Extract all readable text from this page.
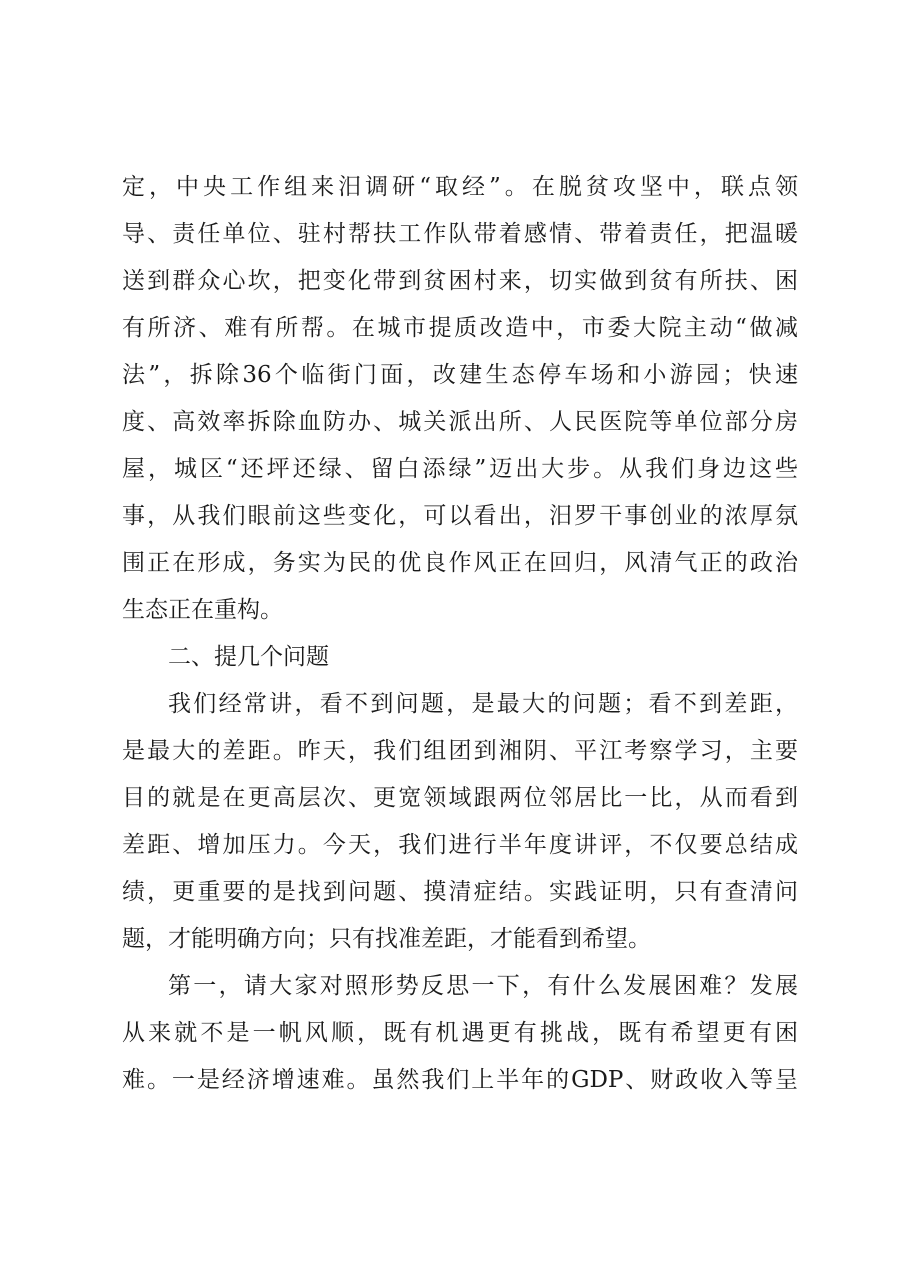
定，中央工作组来汨调研“取经”。在脱贫攻坚中，联点领
导、责任单位、驻村帮扶工作队带着感情、带着责任，把温暖
送到群众心坎，把变化带到贫困村来，切实做到贫有所扶、困
有所济、难有所帮。在城市提质改造中，市委大院主动“做减
法”，拆除36个临街门面，改建生态停车场和小游园；快速
度、高效率拆除血防办、城关派出所、人民医院等单位部分房
屋，城区“还坪还绿、留白添绿”迈出大步。从我们身边这些
事，从我们眼前这些变化，可以看出，汨罗干事创业的浓厚氛
围正在形成，务实为民的优良作风正在回归，风清气正的政治
生态正在重构。
二、提几个问题
我们经常讲，看不到问题，是最大的问题；看不到差距，
是最大的差距。昨天，我们组团到湘阴、平江考察学习，主要
目的就是在更高层次、更宽领域跟两位邻居比一比，从而看到
差距、增加压力。今天，我们进行半年度讲评，不仅要总结成
绩，更重要的是找到问题、摸清症结。实践证明，只有查清问
题，才能明确方向；只有找准差距，才能看到希望。
第一，请大家对照形势反思一下，有什么发展困难？发展
从来就不是一帆风顺，既有机遇更有挑战，既有希望更有困
难。一是经济增速难。虽然我们上半年的GDP、财政收入等呈
